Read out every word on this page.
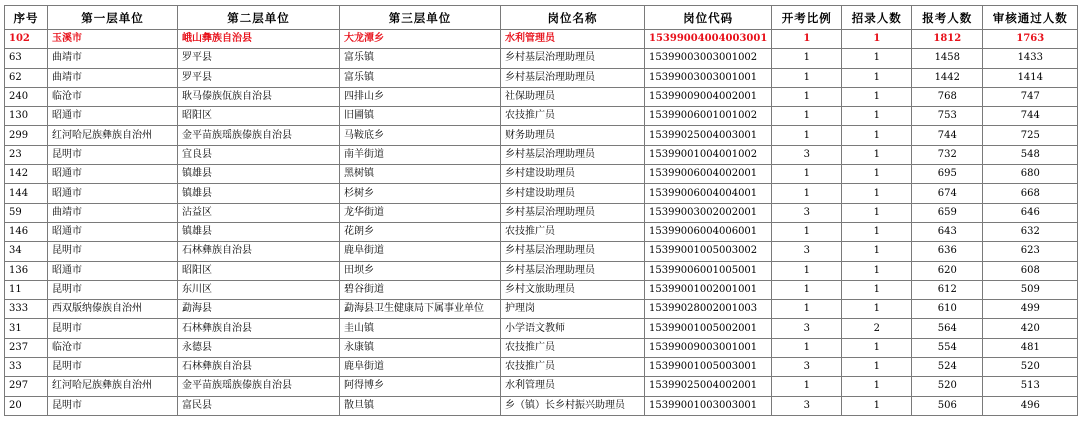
序号	第一层单位	第二层单位	第三层单位	岗位名称	岗位代码	开考比例	招录人数	报考人数	审核通过人数
102	玉溪市	峨山彝族自治县	大龙潭乡	水利管理员	15399004004003001	1	1	1812	1763
63	曲靖市	罗平县	富乐镇	乡村基层治理助理员	15399003003001002	1	1	1458	1433
62	曲靖市	罗平县	富乐镇	乡村基层治理助理员	15399003003001001	1	1	1442	1414
240	临沧市	耿马傣族佤族自治县	四排山乡	社保助理员	15399009004002001	1	1	768	747
130	昭通市	昭阳区	旧圃镇	农技推广员	15399006001001002	1	1	753	744
299	红河哈尼族彝族自治州	金平苗族瑶族傣族自治县	马鞍底乡	财务助理员	15399025004003001	1	1	744	725
23	昆明市	宜良县	南羊街道	乡村基层治理助理员	15399001004001002	3	1	732	548
142	昭通市	镇雄县	黑树镇	乡村建设助理员	15399006004002001	1	1	695	680
144	昭通市	镇雄县	杉树乡	乡村建设助理员	15399006004004001	1	1	674	668
59	曲靖市	沾益区	龙华街道	乡村基层治理助理员	15399003002002001	3	1	659	646
146	昭通市	镇雄县	花朗乡	农技推广员	15399006004006001	1	1	643	632
34	昆明市	石林彝族自治县	鹿阜街道	乡村基层治理助理员	15399001005003002	3	1	636	623
136	昭通市	昭阳区	田坝乡	乡村基层治理助理员	15399006001005001	1	1	620	608
11	昆明市	东川区	碧谷街道	乡村文旅助理员	15399001002001001	1	1	612	509
333	西双版纳傣族自治州	勐海县	勐海县卫生健康局下属事业单位	护理岗	15399028002001003	1	1	610	499
31	昆明市	石林彝族自治县	圭山镇	小学语文教师	15399001005002001	3	2	564	420
237	临沧市	永德县	永康镇	农技推广员	15399009003001001	1	1	554	481
33	昆明市	石林彝族自治县	鹿阜街道	农技推广员	15399001005003001	3	1	524	520
297	红河哈尼族彝族自治州	金平苗族瑶族傣族自治县	阿得博乡	水利管理员	15399025004002001	1	1	520	513
20	昆明市	富民县	散旦镇	乡（镇）长乡村振兴助理员	15399001003003001	3	1	506	496
